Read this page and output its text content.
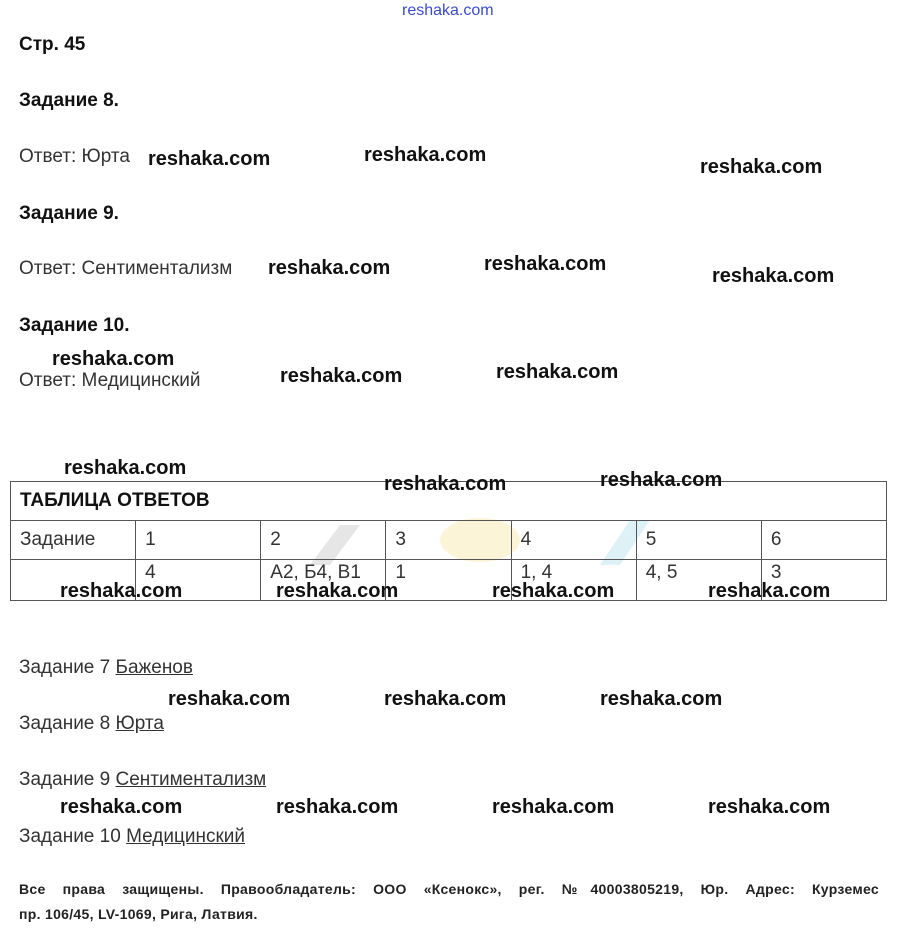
reshaka.com
Стр. 45
Задание 8.
Ответ: Юрта
Задание 9.
Ответ: Сентиментализм
Задание 10.
Ответ: Медицинский
ТАБЛИЦА ОТВЕТОВ						
Задание	1	2	3	4	5	6
	4	А2, Б4, В1	1	1, 4	4, 5	3
Задание 7 Баженов
Задание 8 Юрта
Задание 9 Сентиментализм
Задание 10 Медицинский
Все права защищены. Правообладатель: ООО «Ксенокс», рег. №40003805219, Юр. Адрес: Курземес
пр. 106/45, LV-1069, Рига, Латвия.
reshaka.com	reshaka.com
reshaka.com
reshaka.com	reshaka.com
reshaka.com
reshaka.com
reshaka.com	reshaka.com
reshaka.com
reshaka.com	reshaka.com
reshaka.com	reshaka.com	reshaka.com	reshaka.com
reshaka.com	reshaka.com	reshaka.com
reshaka.com	reshaka.com	reshaka.com	reshaka.com
